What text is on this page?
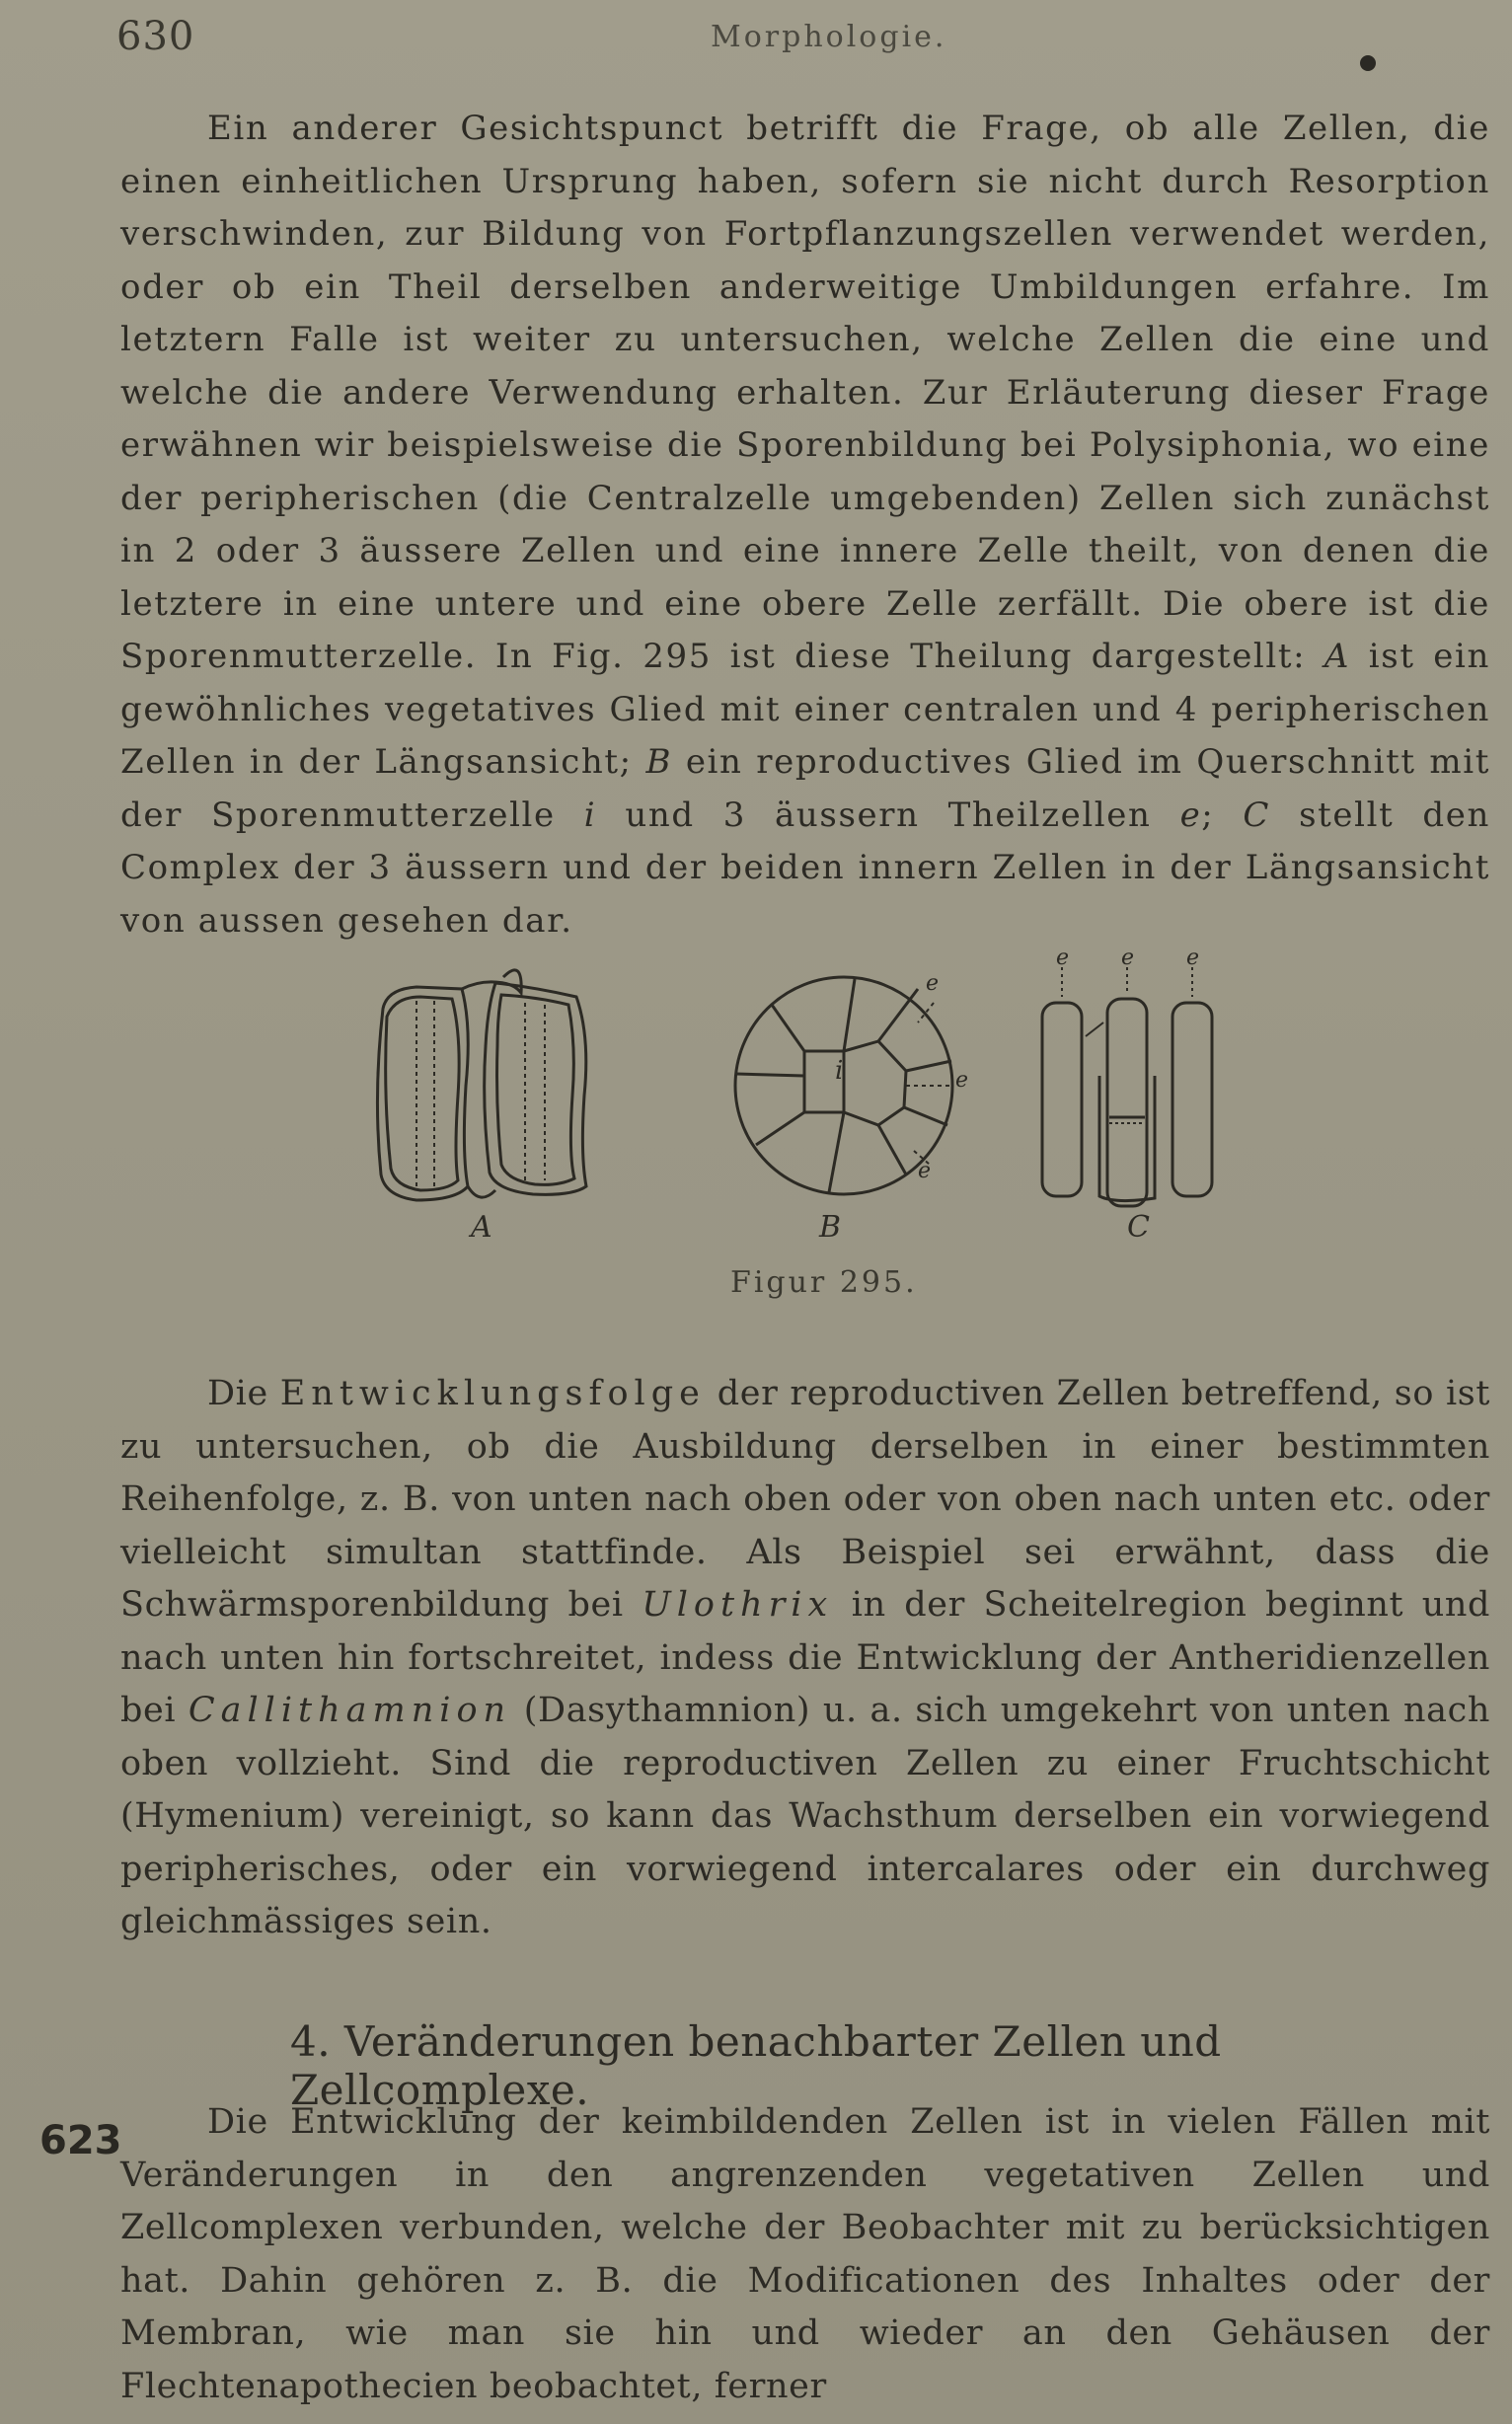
630	Morphologie.

Ein anderer Gesichtspunct betrifft die Frage, ob alle Zellen, die einen einheitlichen Ursprung haben, sofern sie nicht durch Resorption verschwinden, zur Bildung von Fortpflanzungszellen verwendet werden, oder ob ein Theil derselben anderweitige Umbildungen erfahre. Im letztern Falle ist weiter zu untersuchen, welche Zellen die eine und welche die andere Verwendung erhalten. Zur Erläuterung dieser Frage erwähnen wir beispielsweise die Sporenbildung bei Polysiphonia, wo eine der peripherischen (die Centralzelle umgebenden) Zellen sich zunächst in 2 oder 3 äussere Zellen und eine innere Zelle theilt, von denen die letztere in eine untere und eine obere Zelle zerfällt. Die obere ist die Sporenmutterzelle. In Fig. 295 ist diese Theilung dargestellt: A ist ein gewöhnliches vegetatives Glied mit einer centralen und 4 peripherischen Zellen in der Längsansicht; B ein reproductives Glied im Querschnitt mit der Sporenmutterzelle i und 3 äussern Theilzellen e; C stellt den Complex der 3 äussern und der beiden innern Zellen in der Längsansicht von aussen gesehen dar.

A	B	C
i
e
e
e
e e e
Figur 295.

Die Entwicklungsfolge der reproductiven Zellen betreffend, so ist zu untersuchen, ob die Ausbildung derselben in einer bestimmten Reihenfolge, z. B. von unten nach oben oder von oben nach unten etc. oder vielleicht simultan stattfinde. Als Beispiel sei erwähnt, dass die Schwärmsporenbildung bei Ulothrix in der Scheitelregion beginnt und nach unten hin fortschreitet, indess die Entwicklung der Antheridienzellen bei Callithamnion (Dasythamnion) u. a. sich umgekehrt von unten nach oben vollzieht. Sind die reproductiven Zellen zu einer Fruchtschicht (Hymenium) vereinigt, so kann das Wachsthum derselben ein vorwiegend peripherisches, oder ein vorwiegend intercalares oder ein durchweg gleichmässiges sein.

4. Veränderungen benachbarter Zellen und Zellcomplexe.
623	Die Entwicklung der keimbildenden Zellen ist in vielen Fällen mit Veränderungen in den angrenzenden vegetativen Zellen und Zellcomplexen verbunden, welche der Beobachter mit zu berücksichtigen hat. Dahin gehören z. B. die Modificationen des Inhaltes oder der Membran, wie man sie hin und wieder an den Gehäusen der Flechtenapothecien beobachtet, ferner
